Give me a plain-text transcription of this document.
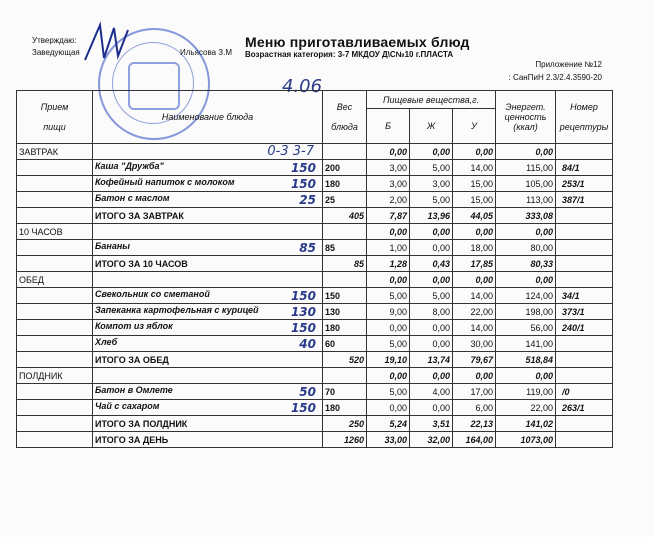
Утверждаю:
Заведующая	Ильясова З.М
Меню приготавливаемых блюд
Возрастная категория: 3-7 МКДОУ Д\С№10 г.ПЛАСТА
Приложение №12
: СанПиН 2.3/2.4.3590-20
4.06
Прием

пищи	Наименование блюда	Вес

блюда	Пищевые вещества,г.			Энергет.
ценность
(ккал)	Номер

рецептуры
			Б	Ж	У		
ЗАВТРАК	0-3 3-7		0,00	0,00	0,00	0,00	
	Каша "Дружба" 150	200	3,00	5,00	14,00	115,00	84/1
	Кофейный напиток с молоком 150	180	3,00	3,00	15,00	105,00	253/1
	Батон с маслом 25	25	2,00	5,00	15,00	113,00	387/1
	ИТОГО ЗА ЗАВТРАК	405	7,87	13,96	44,05	333,08	
10 ЧАСОВ			0,00	0,00	0,00	0,00	
	Бананы 85	85	1,00	0,00	18,00	80,00	
	ИТОГО ЗА 10 ЧАСОВ	85	1,28	0,43	17,85	80,33	
ОБЕД			0,00	0,00	0,00	0,00	
	Свекольник со сметаной 150	150	5,00	5,00	14,00	124,00	34/1
	Запеканка картофельная с курицей 130	130	9,00	8,00	22,00	198,00	373/1
	Компот из яблок 150	180	0,00	0,00	14,00	56,00	240/1
	Хлеб 40	60	5,00	0,00	30,00	141,00	
	ИТОГО ЗА ОБЕД	520	19,10	13,74	79,67	518,84	
ПОЛДНИК			0,00	0,00	0,00	0,00	
	Батон в Омлете 50	70	5,00	4,00	17,00	119,00	/0
	Чай с сахаром 150	180	0,00	0,00	6,00	22,00	263/1
	ИТОГО ЗА ПОЛДНИК	250	5,24	3,51	22,13	141,02	
	ИТОГО ЗА ДЕНЬ	1260	33,00	32,00	164,00	1073,00	
